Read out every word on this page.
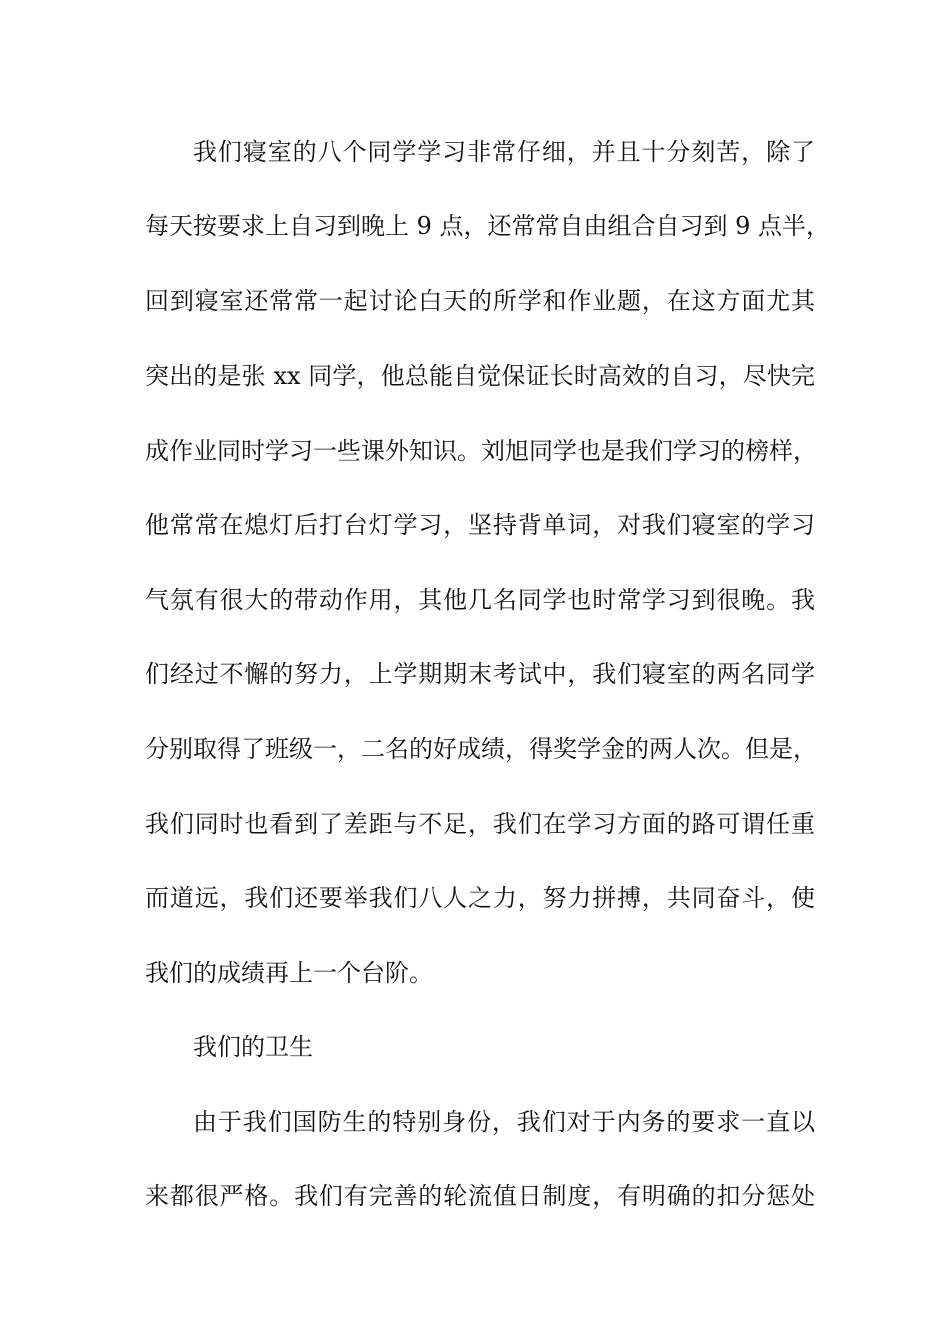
我们寝室的八个同学学习非常仔细，并且十分刻苦，除了
每天按要求上自习到晚上 9 点，还常常自由组合自习到 9 点半，
回到寝室还常常一起讨论白天的所学和作业题，在这方面尤其
突出的是张 xx 同学，他总能自觉保证长时高效的自习，尽快完
成作业同时学习一些课外知识。刘旭同学也是我们学习的榜样，
他常常在熄灯后打台灯学习，坚持背单词，对我们寝室的学习
气氛有很大的带动作用，其他几名同学也时常学习到很晚。我
们经过不懈的努力，上学期期末考试中，我们寝室的两名同学
分别取得了班级一，二名的好成绩，得奖学金的两人次。但是，
我们同时也看到了差距与不足，我们在学习方面的路可谓任重
而道远，我们还要举我们八人之力，努力拼搏，共同奋斗，使
我们的成绩再上一个台阶。
我们的卫生
由于我们国防生的特别身份，我们对于内务的要求一直以
来都很严格。我们有完善的轮流值日制度，有明确的扣分惩处
